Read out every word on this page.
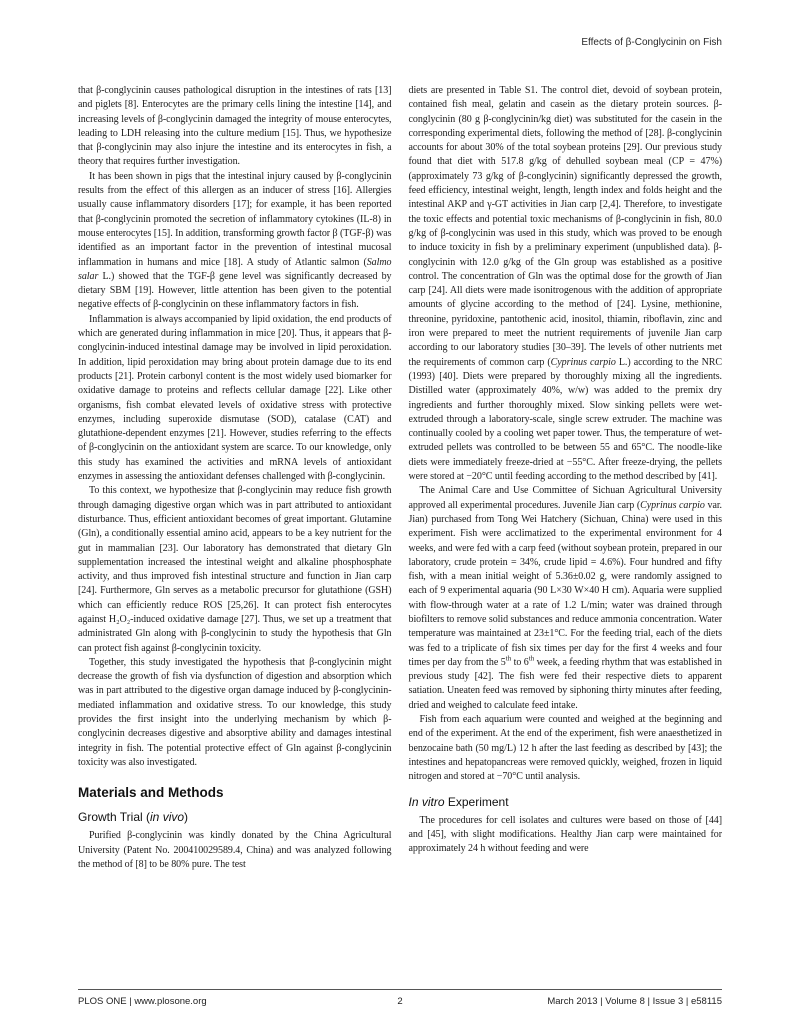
Effects of β-Conglycinin on Fish

that β-conglycinin causes pathological disruption in the intestines of rats [13] and piglets [8]. Enterocytes are the primary cells lining the intestine [14], and increasing levels of β-conglycinin damaged the integrity of mouse enterocytes, leading to LDH releasing into the culture medium [15]. Thus, we hypothesize that β-conglycinin may also injure the intestine and its enterocytes in fish, a theory that requires further investigation.

It has been shown in pigs that the intestinal injury caused by β-conglycinin results from the effect of this allergen as an inducer of stress [16]. Allergies usually cause inflammatory disorders [17]; for example, it has been reported that β-conglycinin promoted the secretion of inflammatory cytokines (IL-8) in mouse enterocytes [15]. In addition, transforming growth factor β (TGF-β) was identified as an important factor in the prevention of intestinal mucosal inflammation in humans and mice [18]. A study of Atlantic salmon (Salmo salar L.) showed that the TGF-β gene level was significantly decreased by dietary SBM [19]. However, little attention has been given to the potential negative effects of β-conglycinin on these inflammatory factors in fish.

Inflammation is always accompanied by lipid oxidation, the end products of which are generated during inflammation in mice [20]. Thus, it appears that β-conglycinin-induced intestinal damage may be involved in lipid peroxidation. In addition, lipid peroxidation may bring about protein damage due to its end products [21]. Protein carbonyl content is the most widely used biomarker for oxidative damage to proteins and reflects cellular damage [22]. Like other organisms, fish combat elevated levels of oxidative stress with protective enzymes, including superoxide dismutase (SOD), catalase (CAT) and glutathione-dependent enzymes [21]. However, studies referring to the effects of β-conglycinin on the antioxidant system are scarce. To our knowledge, only this study has examined the activities and mRNA levels of antioxidant enzymes in assessing the antioxidant defenses challenged with β-conglycinin.

To this context, we hypothesize that β-conglycinin may reduce fish growth through damaging digestive organ which was in part attributed to antioxidant disturbance. Thus, efficient antioxidant becomes of great important. Glutamine (Gln), a conditionally essential amino acid, appears to be a key nutrient for the gut in mammalian [23]. Our laboratory has demonstrated that dietary Gln supplementation increased the intestinal weight and alkaline phosphosphate activity, and thus improved fish intestinal structure and function in Jian carp [24]. Furthermore, Gln serves as a metabolic precursor for glutathione (GSH) which can efficiently reduce ROS [25,26]. It can protect fish enterocytes against H₂O₂-induced oxidative damage [27]. Thus, we set up a treatment that administrated Gln along with β-conglycinin to study the hypothesis that Gln can protect fish against β-conglycinin toxicity.

Together, this study investigated the hypothesis that β-conglycinin might decrease the growth of fish via dysfunction of digestion and absorption which was in part attributed to the digestive organ damage induced by β-conglycinin-mediated inflammation and oxidative stress. To our knowledge, this study provides the first insight into the underlying mechanism by which β-conglycinin decreases digestive and absorptive ability and damages intestinal integrity in fish. The potential protective effect of Gln against β-conglycinin toxicity was also investigated.

Materials and Methods
Growth Trial (in vivo)

Purified β-conglycinin was kindly donated by the China Agricultural University (Patent No. 200410029589.4, China) and was analyzed following the method of [8] to be 80% pure. The test

diets are presented in Table S1. The control diet, devoid of soybean protein, contained fish meal, gelatin and casein as the dietary protein sources. β-conglycinin (80 g β-conglycinin/kg diet) was substituted for the casein in the corresponding experimental diets, following the method of [28]. β-conglycinin accounts for about 30% of the total soybean proteins [29]. Our previous study found that diet with 517.8 g/kg of dehulled soybean meal (CP = 47%) (approximately 73 g/kg of β-conglycinin) significantly depressed the growth, feed efficiency, intestinal weight, length, length index and folds height and the intestinal AKP and γ-GT activities in Jian carp [2,4]. Therefore, to investigate the toxic effects and potential toxic mechanisms of β-conglycinin in fish, 80.0 g/kg of β-conglycinin was used in this study, which was proved to be enough to induce toxicity in fish by a preliminary experiment (unpublished data). β-conglycinin with 12.0 g/kg of the Gln group was established as a positive control. The concentration of Gln was the optimal dose for the growth of Jian carp [24]. All diets were made isonitrogenous with the addition of appropriate amounts of glycine according to the method of [24]. Lysine, methionine, threonine, pyridoxine, pantothenic acid, inositol, thiamin, riboflavin, zinc and iron were prepared to meet the nutrient requirements of juvenile Jian carp according to our laboratory studies [30–39]. The levels of other nutrients met the requirements of common carp (Cyprinus carpio L.) according to the NRC (1993) [40]. Diets were prepared by thoroughly mixing all the ingredients. Distilled water (approximately 40%, w/w) was added to the premix dry ingredients and further thoroughly mixed. Slow sinking pellets were wet-extruded through a laboratory-scale, single screw extruder. The machine was continually cooled by a cooling wet paper tower. Thus, the temperature of wet-extruded pellets was controlled to be between 55 and 65°C. The noodle-like diets were immediately freeze-dried at −55°C. After freeze-drying, the pellets were stored at −20°C until feeding according to the method described by [41].

The Animal Care and Use Committee of Sichuan Agricultural University approved all experimental procedures. Juvenile Jian carp (Cyprinus carpio var. Jian) purchased from Tong Wei Hatchery (Sichuan, China) were used in this experiment. Fish were acclimatized to the experimental environment for 4 weeks, and were fed with a carp feed (without soybean protein, prepared in our laboratory, crude protein = 34%, crude lipid = 4.6%). Four hundred and fifty fish, with a mean initial weight of 5.36±0.02 g, were randomly assigned to each of 9 experimental aquaria (90 L×30 W×40 H cm). Aquaria were supplied with flow-through water at a rate of 1.2 L/min; water was drained through biofilters to remove solid substances and reduce ammonia concentration. Water temperature was maintained at 23±1°C. For the feeding trial, each of the diets was fed to a triplicate of fish six times per day for the first 4 weeks and four times per day from the 5th to 6th week, a feeding rhythm that was established in previous study [42]. The fish were fed their respective diets to apparent satiation. Uneaten feed was removed by siphoning thirty minutes after feeding, dried and weighed to calculate feed intake.

Fish from each aquarium were counted and weighed at the beginning and end of the experiment. At the end of the experiment, fish were anaesthetized in benzocaine bath (50 mg/L) 12 h after the last feeding as described by [43]; the intestines and hepatopancreas were removed quickly, weighed, frozen in liquid nitrogen and stored at −70°C until analysis.

In vitro Experiment

The procedures for cell isolates and cultures were based on those of [44] and [45], with slight modifications. Healthy Jian carp were maintained for approximately 24 h without feeding and were

PLOS ONE | www.plosone.org	2	March 2013 | Volume 8 | Issue 3 | e58115
